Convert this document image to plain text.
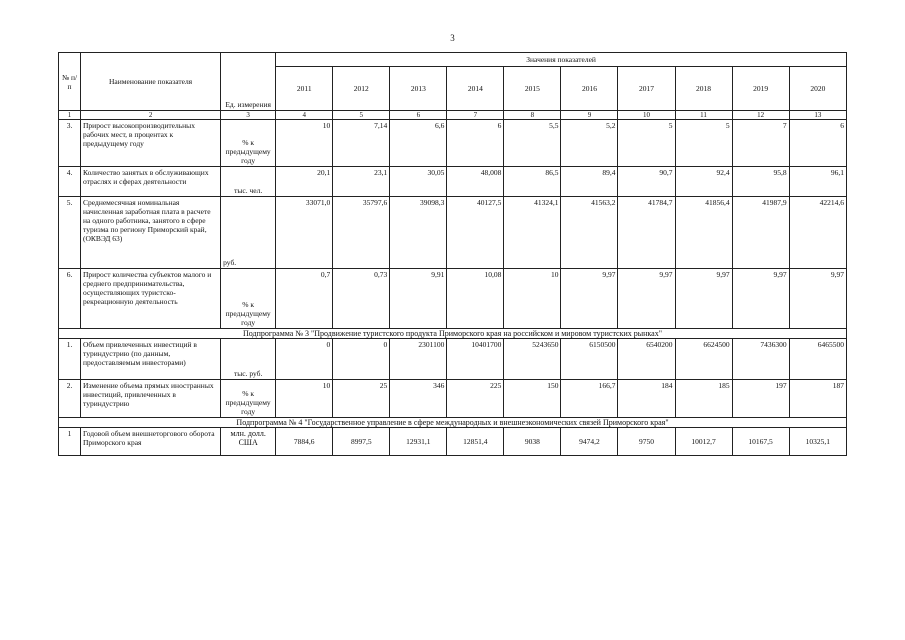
3
№ п/п	Наименование показателя	Ед. измерения	Значения показателей									
			2011	2012	2013	2014	2015	2016	2017	2018	2019	2020
1	2	3	4	5	6	7	8	9	10	11	12	13
3.	Прирост высокопроизводительных рабочих мест, в процентах к предыдущему году	% к предыдущему году	10	7,14	6,6	6	5,5	5,2	5	5	7	6
4.	Количество занятых в обслуживающих отраслях и сферах деятельности	тыс. чел.	20,1	23,1	30,05	48,008	86,5	89,4	90,7	92,4	95,8	96,1
5.	Среднемесячная номинальная начисленная заработная плата в расчете на одного работника, занятого в сфере туризма по региону Приморский край, (ОКВЭД 63)	руб.	33071,0	35797,6	39098,3	40127,5	41324,1	41563,2	41784,7	41856,4	41987,9	42214,6
6.	Прирост количества субъектов малого и среднего предпринимательства, осуществляющих туристско-рекреационную деятельность	% к предыдущему году	0,7	0,73	9,91	10,08	10	9,97	9,97	9,97	9,97	9,97
Подпрограмма № 3 "Продвижение туристского продукта Приморского края на российском и мировом туристских рынках"												
1.	Объем привлеченных инвестиций в туриндустрию (по данным, предоставляемым инвесторами)	тыс. руб.	0	0	2301100	10401700	5243650	6150500	6540200	6624500	7436300	6465500
2.	Изменение объема прямых иностранных инвестиций, привлеченных в туриндустрию	% к предыдущему году	10	25	346	225	150	166,7	184	185	197	187
Подпрограмма № 4 "Государственное управление в сфере международных и внешнеэкономических связей Приморского края"												
1	Годовой объем внешнеторгового оборота Приморского края	млн. долл. США	7884,6	8997,5	12931,1	12851,4	9038	9474,2	9750	10012,7	10167,5	10325,1
